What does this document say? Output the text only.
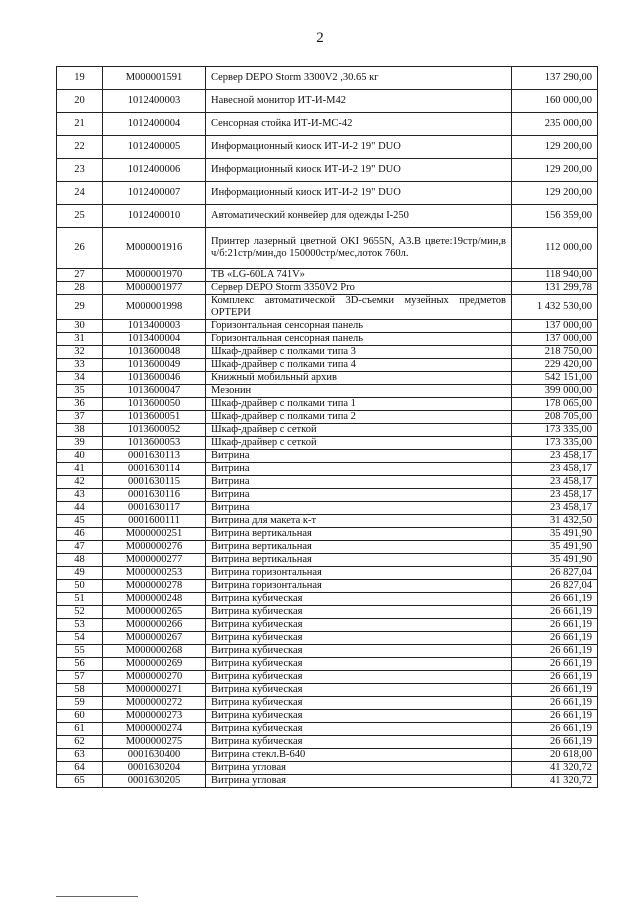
2
19	М000001591	Сервер DEPO Storm 3300V2 ,30.65 кг	137 290,00
20	1012400003	Навесной монитор ИТ-И-М42	160 000,00
21	1012400004	Сенсорная стойка ИТ-И-МС-42	235 000,00
22	1012400005	Информационный киоск ИТ-И-2 19" DUO	129 200,00
23	1012400006	Информационный киоск ИТ-И-2 19" DUO	129 200,00
24	1012400007	Информационный киоск ИТ-И-2 19" DUO	129 200,00
25	1012400010	Автоматический конвейер для одежды I-250	156 359,00
26	М000001916	Принтер лазерный цветной OKI 9655N, А3.В цвете:19стр/мин,в ч/б:21стр/мин,до 150000стр/мес,лоток 760л.	112 000,00
27	М000001970	ТВ «LG-60LA 741V»	118 940,00
28	М000001977	Сервер DEPO Storm 3350V2 Pro	131 299,78
29	М000001998	Комплекс автоматической 3D-съемки музейных предметов ОРТЕРИ	1 432 530,00
30	1013400003	Горизонтальная сенсорная панель	137 000,00
31	1013400004	Горизонтальная сенсорная панель	137 000,00
32	1013600048	Шкаф-драйвер с полками типа 3	218 750,00
33	1013600049	Шкаф-драйвер с полками типа 4	229 420,00
34	1013600046	Книжный мобильный архив	542 151,00
35	1013600047	Мезонин	399 000,00
36	1013600050	Шкаф-драйвер с полками типа 1	178 065,00
37	1013600051	Шкаф-драйвер с полками типа 2	208 705,00
38	1013600052	Шкаф-драйвер с сеткой	173 335,00
39	1013600053	Шкаф-драйвер с сеткой	173 335,00
40	0001630113	Витрина	23 458,17
41	0001630114	Витрина	23 458,17
42	0001630115	Витрина	23 458,17
43	0001630116	Витрина	23 458,17
44	0001630117	Витрина	23 458,17
45	0001600111	Витрина для макета к-т	31 432,50
46	М000000251	Витрина вертикальная	35 491,90
47	М000000276	Витрина вертикальная	35 491,90
48	М000000277	Витрина вертикальная	35 491,90
49	М000000253	Витрина горизонтальная	26 827,04
50	М000000278	Витрина горизонтальная	26 827,04
51	М000000248	Витрина кубическая	26 661,19
52	М000000265	Витрина кубическая	26 661,19
53	М000000266	Витрина кубическая	26 661,19
54	М000000267	Витрина кубическая	26 661,19
55	М000000268	Витрина кубическая	26 661,19
56	М000000269	Витрина кубическая	26 661,19
57	М000000270	Витрина кубическая	26 661,19
58	М000000271	Витрина кубическая	26 661,19
59	М000000272	Витрина кубическая	26 661,19
60	М000000273	Витрина кубическая	26 661,19
61	М000000274	Витрина кубическая	26 661,19
62	М000000275	Витрина кубическая	26 661,19
63	0001630400	Витрина стекл.В-640	20 618,00
64	0001630204	Витрина угловая	41 320,72
65	0001630205	Витрина угловая	41 320,72
